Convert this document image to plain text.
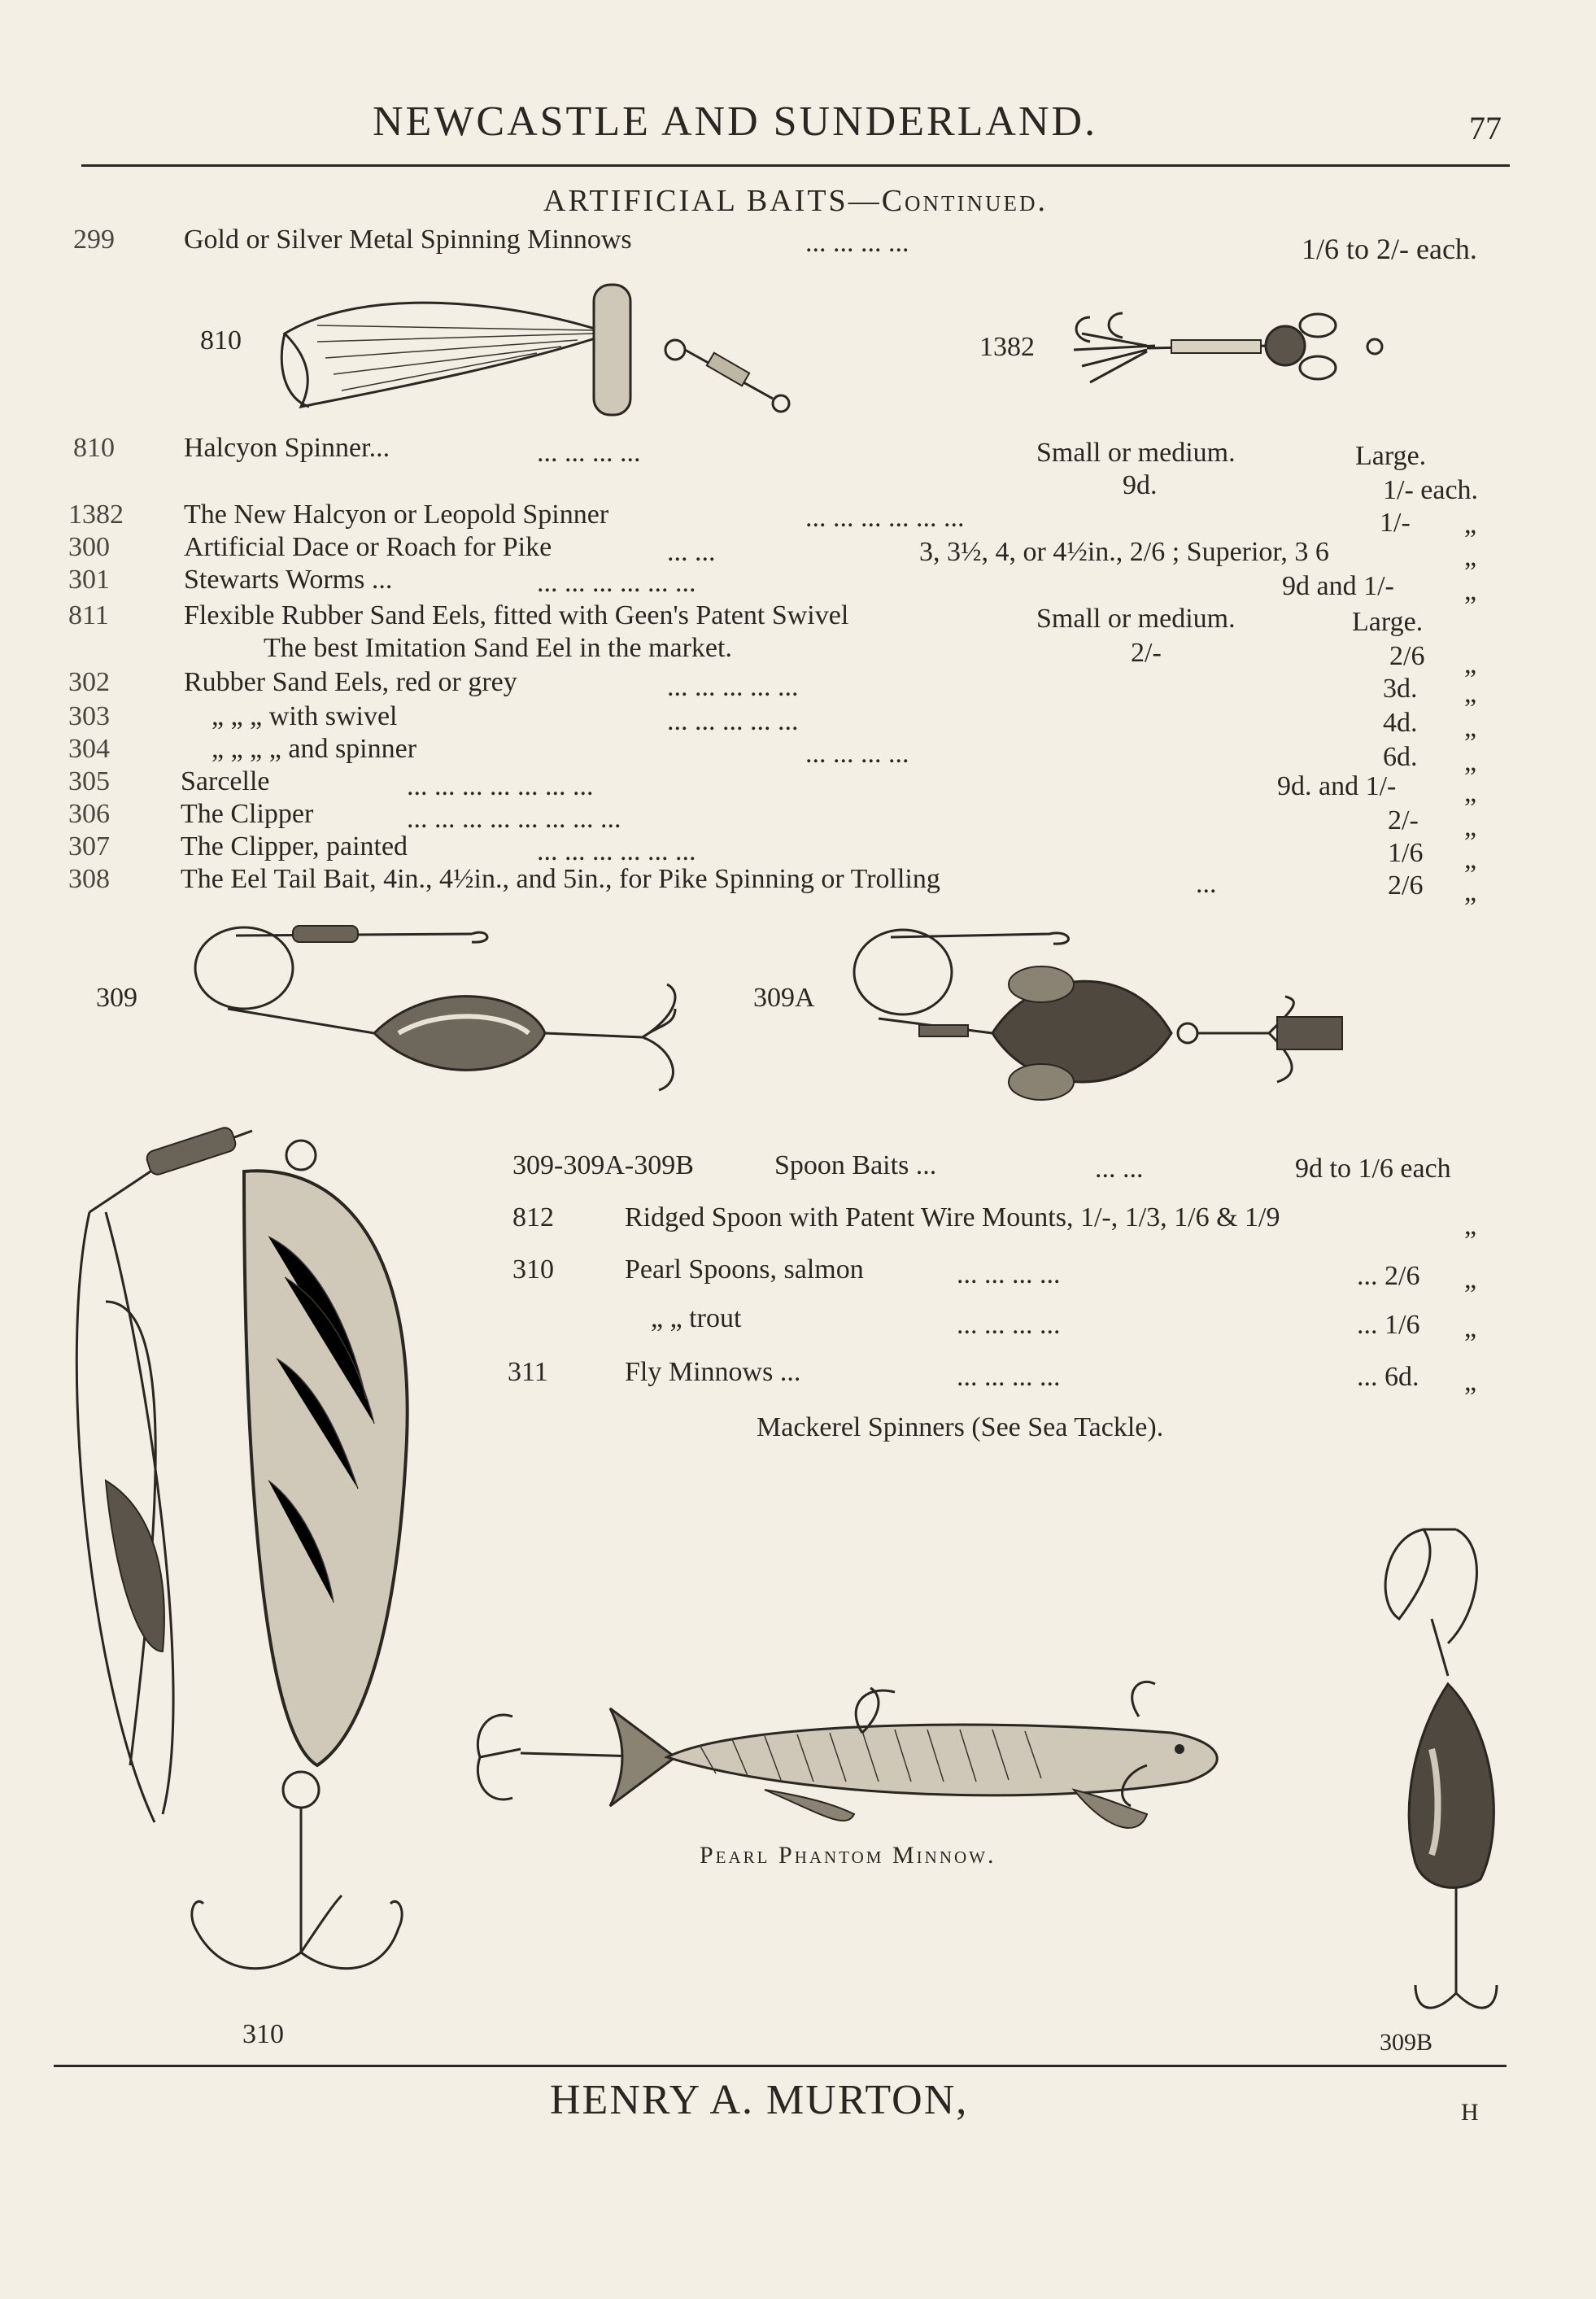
NEWCASTLE AND SUNDERLAND.	77
ARTIFICIAL BAITS—Continued.
299	Gold or Silver Metal Spinning Minnows	... ... ... ...	1/6 to 2/- each.
810	1382
810	Halcyon Spinner...	... ... ... ...	Small or medium.	Large.
9d.	1/- each.
1382 The New Halcyon or Leopold Spinner	... ... ... ... ... ...	1/- „
300	Artificial Dace or Roach for Pike	... ...	3, 3½, 4, or 4½in., 2/6 ; Superior, 3 6	„
301	Stewarts Worms ...	... ... ... ... ... ...	9d and 1/-	„
811	Flexible Rubber Sand Eels, fitted with Geen's Patent Swivel	Small or medium.	Large.
The best Imitation Sand Eel in the market.	2/-	2/6 „
302	Rubber Sand Eels, red or grey	... ... ... ... ...	3d. „
303	„ „ „ with swivel	... ... ... ... ...	4d. „
304	„ „ „ „ and spinner	... ... ... ...	6d. „
305	Sarcelle	... ... ... ... ... ... ...	9d. and 1/- „
306	The Clipper	... ... ... ... ... ... ... ...	2/- „
307	The Clipper, painted	... ... ... ... ... ...	1/6 „
308	The Eel Tail Bait, 4in., 4½in., and 5in., for Pike Spinning or Trolling	...	2/6 „
309	309A
310
309-309A-309B	Spoon Baits ...	... ...	9d to 1/6 each
812	Ridged Spoon with Patent Wire Mounts, 1/-, 1/3, 1/6 & 1/9	„
310	Pearl Spoons, salmon	... ... ... ...	... 2/6 „
„ „ trout	... ... ... ...	... 1/6 „
311	Fly Minnows ...	... ... ... ...	... 6d. „
Mackerel Spinners (See Sea Tackle).
Pearl Phantom Minnow.
309B
HENRY A. MURTON,	H
